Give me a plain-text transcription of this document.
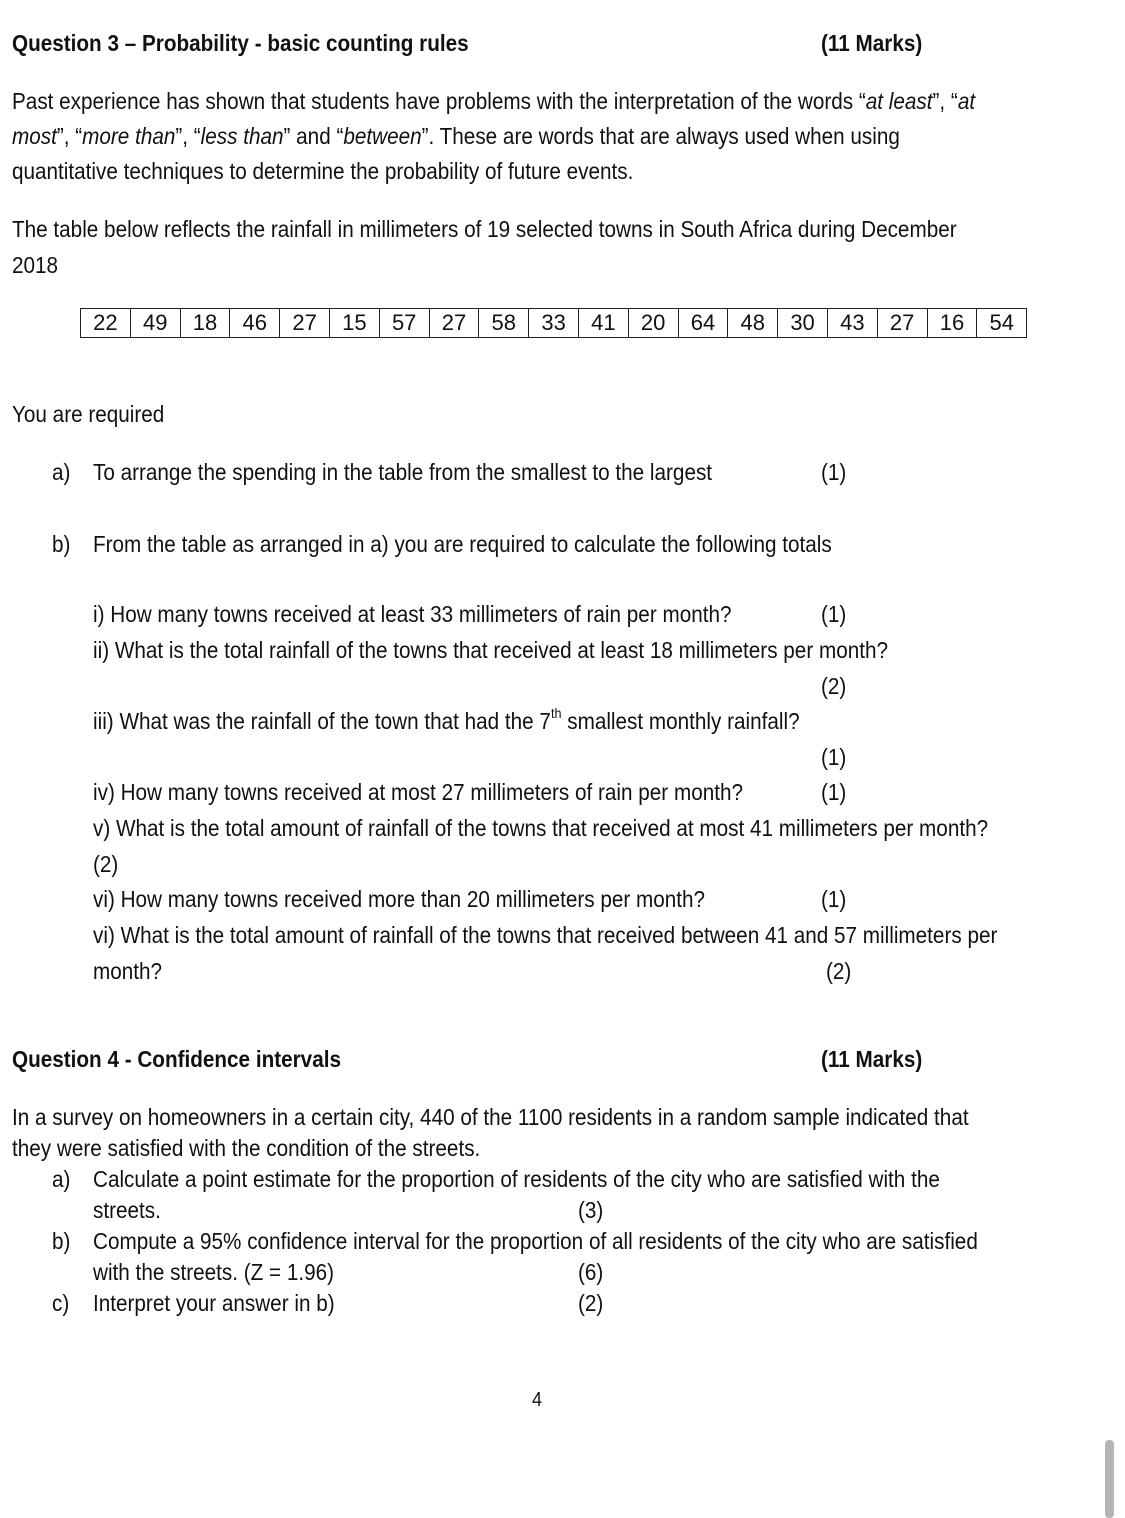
Question 3 – Probability - basic counting rules	(11 Marks)
Past experience has shown that students have problems with the interpretation of the words “at least”, “at
most”, “more than”, “less than” and “between”. These are words that are always used when using
quantitative techniques to determine the probability of future events.
The table below reflects the rainfall in millimeters of 19 selected towns in South Africa during December
2018
22	49	18	46	27	15	57	27	58	33	41	20	64	48	30	43	27	16	54
You are required
a) To arrange the spending in the table from the smallest to the largest	(1)
b) From the table as arranged in a) you are required to calculate the following totals
i) How many towns received at least 33 millimeters of rain per month?	(1)
ii) What is the total rainfall of the towns that received at least 18 millimeters per month?
(2)
iii) What was the rainfall of the town that had the 7th smallest monthly rainfall?
(1)
iv) How many towns received at most 27 millimeters of rain per month?	(1)
v) What is the total amount of rainfall of the towns that received at most 41 millimeters per month?
(2)
vi) How many towns received more than 20 millimeters per month?	(1)
vi) What is the total amount of rainfall of the towns that received between 41 and 57 millimeters per
month?	(2)
Question 4 - Confidence intervals	(11 Marks)
In a survey on homeowners in a certain city, 440 of the 1100 residents in a random sample indicated that
they were satisfied with the condition of the streets.
a) Calculate a point estimate for the proportion of residents of the city who are satisfied with the
streets.	(3)
b) Compute a 95% confidence interval for the proportion of all residents of the city who are satisfied
with the streets. (Z = 1.96)	(6)
c) Interpret your answer in b)	(2)
4
